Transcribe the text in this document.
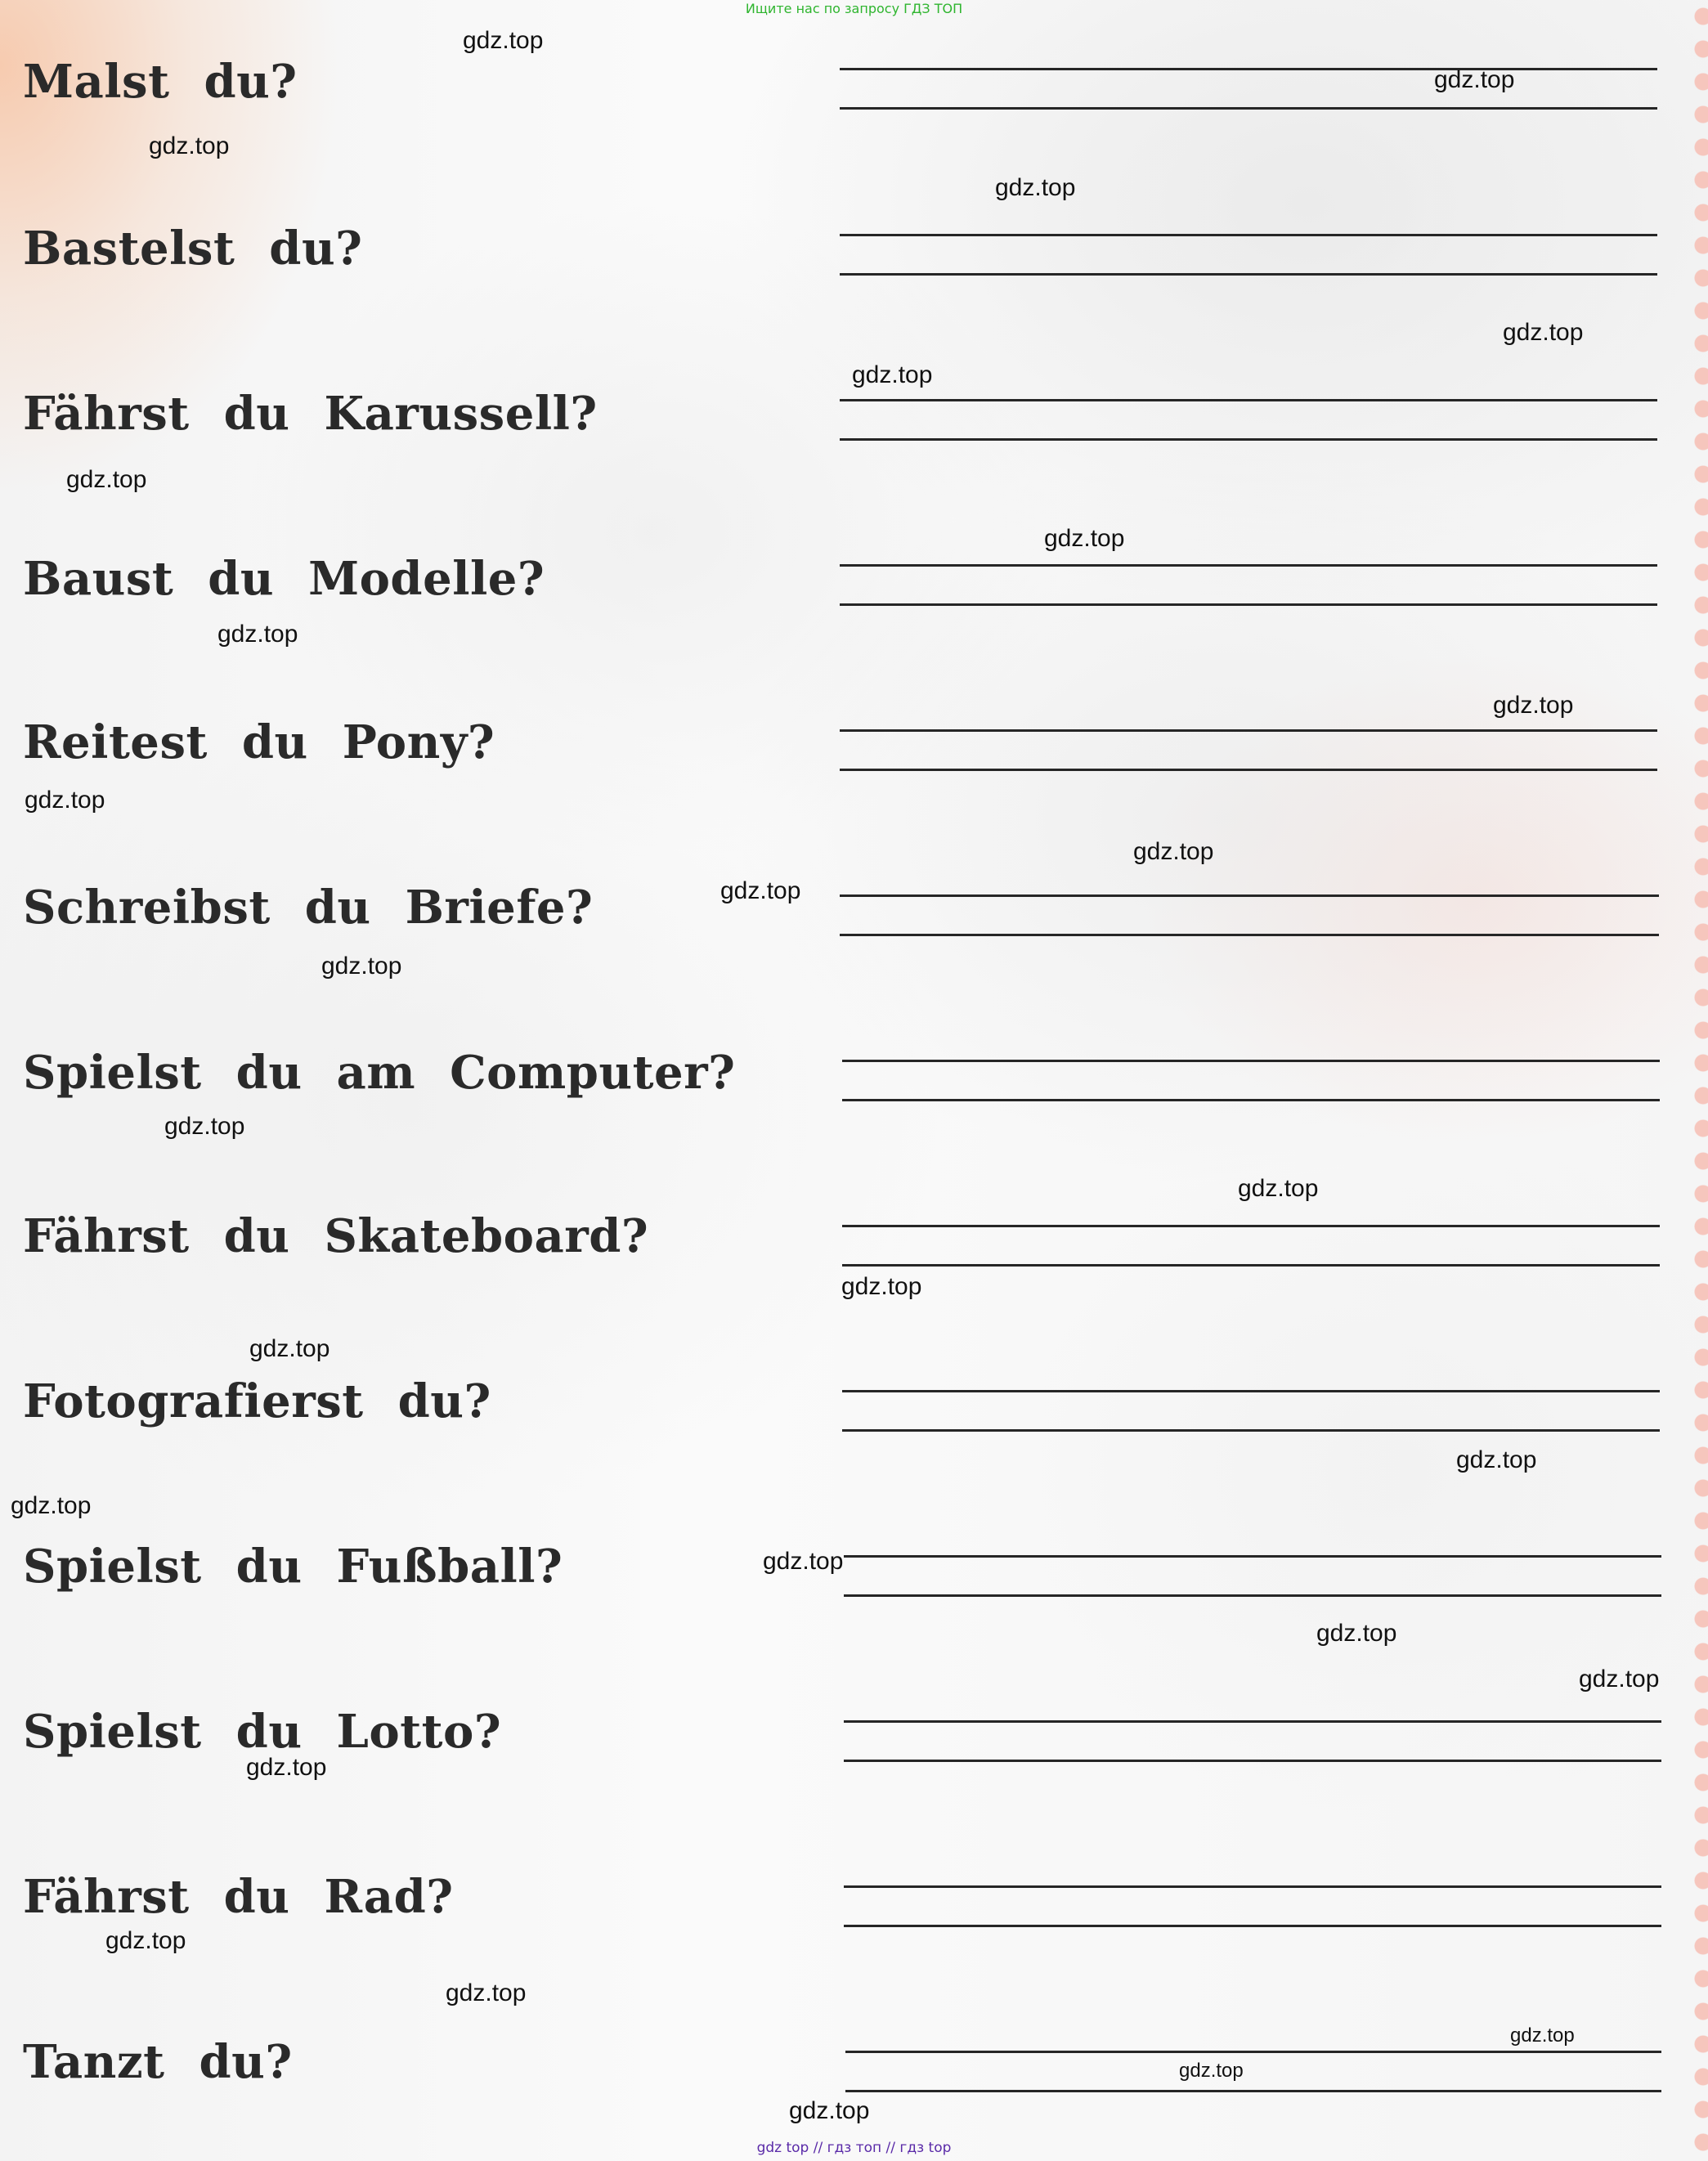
Ищите нас по запросу ГДЗ ТОП
Malst du?
Bastelst du?
Fährst du Karussell?
Baust du Modelle?
Reitest du Pony?
Schreibst du Briefe?
Spielst du am Computer?
Fährst du Skateboard?
Fotografierst du?
Spielst du Fußball?
Spielst du Lotto?
Fährst du Rad?
Tanzt du?
gdz.top
gdz.top
gdz.top
gdz.top
gdz.top
gdz.top
gdz.top
gdz.top
gdz.top
gdz.top
gdz.top
gdz.top
gdz.top
gdz.top
gdz.top
gdz.top
gdz.top
gdz.top
gdz.top
gdz.top
gdz.top
gdz.top
gdz.top
gdz.top
gdz.top
gdz.top
gdz.top
gdz.top
gdz.top
gdz top // гдз топ // гдз top
